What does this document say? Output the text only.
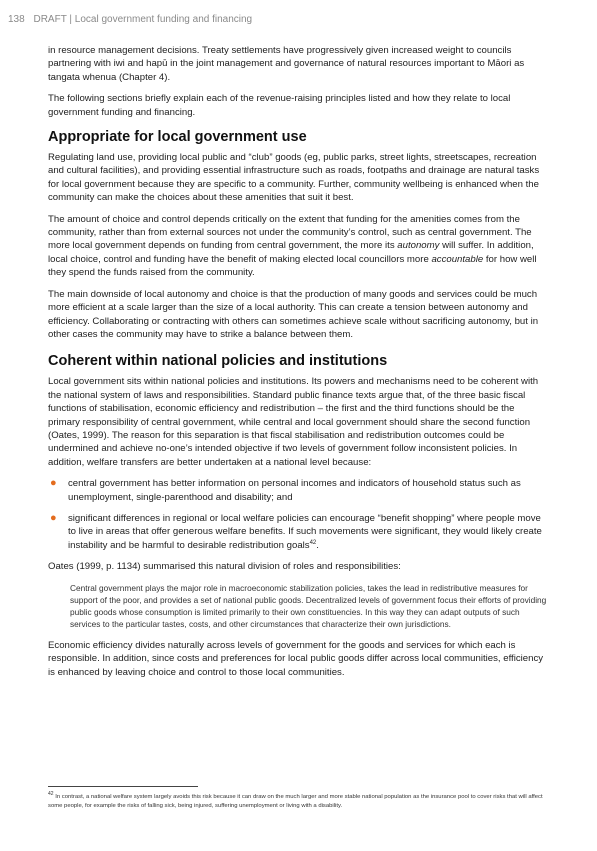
138 DRAFT | Local government funding and financing

in resource management decisions. Treaty settlements have progressively given increased weight to councils partnering with iwi and hapū in the joint management and governance of natural resources important to Māori as tangata whenua (Chapter 4).

The following sections briefly explain each of the revenue-raising principles listed and how they relate to local government funding and financing.

Appropriate for local government use

Regulating land use, providing local public and “club” goods (eg, public parks, street lights, streetscapes, recreation and cultural facilities), and providing essential infrastructure such as roads, footpaths and drainage are natural tasks for local government because they are specific to a community. Further, community wellbeing is enhanced when the community can make the choices about these amenities that suit it best.

The amount of choice and control depends critically on the extent that funding for the amenities comes from the community, rather than from external sources not under the community’s control, such as central government. The more local government depends on funding from central government, the more its autonomy will suffer. In addition, local choice, control and funding have the benefit of making elected local councillors more accountable for how well they spend the funds raised from the community.

The main downside of local autonomy and choice is that the production of many goods and services could be much more efficient at a scale larger than the size of a local authority. This can create a tension between autonomy and efficiency. Collaborating or contracting with others can sometimes achieve scale without sacrificing autonomy, but in other cases the community may have to strike a balance between them.

Coherent within national policies and institutions

Local government sits within national policies and institutions. Its powers and mechanisms need to be coherent with the national system of laws and responsibilities. Standard public finance texts argue that, of the three basic fiscal functions of stabilisation, economic efficiency and redistribution – the first and the third functions should be the primary responsibility of central government, while central and local government should share the second function (Oates, 1999). The reason for this separation is that fiscal stabilisation and redistribution outcomes could be undermined and achieve no-one’s intended objective if two levels of government follow inconsistent policies. In addition, welfare transfers are better undertaken at a national level because:

● central government has better information on personal incomes and indicators of household status such as unemployment, single-parenthood and disability; and
● significant differences in regional or local welfare policies can encourage “benefit shopping” where people move to live in areas that offer generous welfare benefits. If such movements were significant, they would likely create instability and be harmful to desirable redistribution goals$^{42}$.

Oates (1999, p. 1134) summarised this natural division of roles and responsibilities:

Central government plays the major role in macroeconomic stabilization policies, takes the lead in redistributive measures for support of the poor, and provides a set of national public goods. Decentralized levels of government focus their efforts of providing public goods whose consumption is limited primarily to their own constituencies. In this way they can adapt outputs of such services to the particular tastes, costs, and other circumstances that characterize their own jurisdictions.

Economic efficiency divides naturally across levels of government for the goods and services for which each is responsible. In addition, since costs and preferences for local public goods differ across local communities, efficiency is enhanced by leaving choice and control to those local communities.

$^{42}$ In contrast, a national welfare system largely avoids this risk because it can draw on the much larger and more stable national population as the insurance pool to cover risks that will affect some people, for example the risks of falling sick, being injured, suffering unemployment or living with a disability.
